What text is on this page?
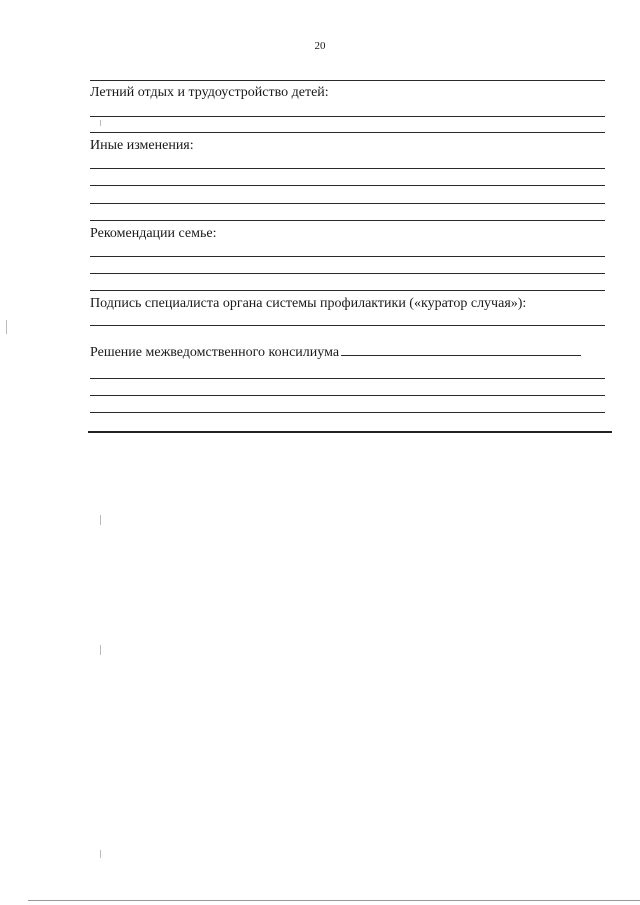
20
Летний отдых и трудоустройство детей:
Иные изменения:
Рекомендации семье:
Подпись специалиста органа системы профилактики («куратор случая»):
Решение межведомственного консилиума
